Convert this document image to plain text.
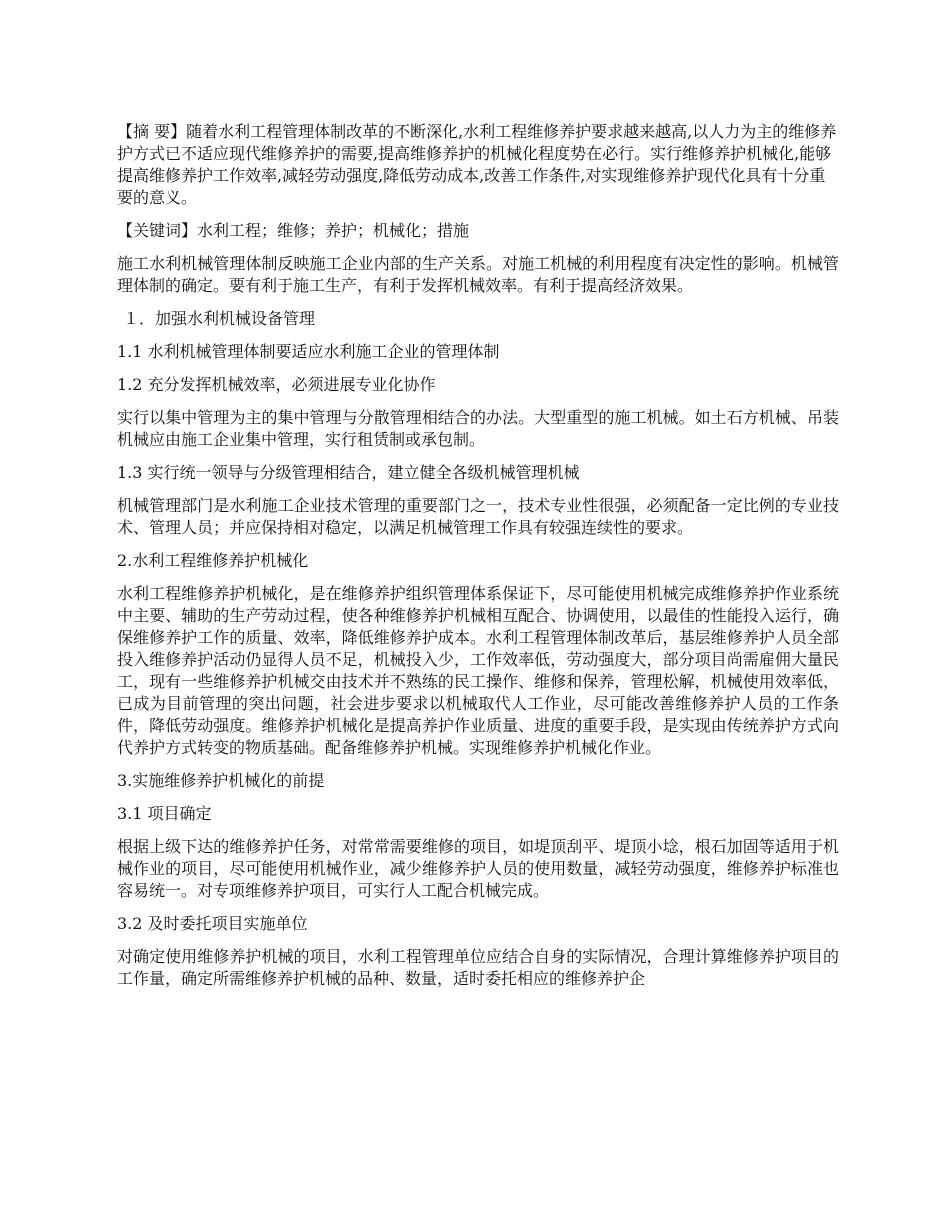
【摘 要】随着水利工程管理体制改革的不断深化,水利工程维修养护要求越来越高,以人力为主的维修养护方式已不适应现代维修养护的需要,提高维修养护的机械化程度势在必行。实行维修养护机械化,能够提高维修养护工作效率,减轻劳动强度,降低劳动成本,改善工作条件,对实现维修养护现代化具有十分重要的意义。

【关键词】水利工程；维修；养护；机械化；措施

施工水利机械管理体制反映施工企业内部的生产关系。对施工机械的利用程度有决定性的影响。机械管理体制的确定。要有利于施工生产，有利于发挥机械效率。有利于提高经济效果。

１．加强水利机械设备管理

1.1 水利机械管理体制要适应水利施工企业的管理体制

1.2 充分发挥机械效率，必须进展专业化协作

实行以集中管理为主的集中管理与分散管理相结合的办法。大型重型的施工机械。如土石方机械、吊装机械应由施工企业集中管理，实行租赁制或承包制。

1.3 实行统一领导与分级管理相结合，建立健全各级机械管理机械

机械管理部门是水利施工企业技术管理的重要部门之一，技术专业性很强，必须配备一定比例的专业技术、管理人员；并应保持相对稳定，以满足机械管理工作具有较强连续性的要求。

2.水利工程维修养护机械化

水利工程维修养护机械化，是在维修养护组织管理体系保证下，尽可能使用机械完成维修养护作业系统中主要、辅助的生产劳动过程，使各种维修养护机械相互配合、协调使用，以最佳的性能投入运行，确保维修养护工作的质量、效率，降低维修养护成本。水利工程管理体制改革后，基层维修养护人员全部投入维修养护活动仍显得人员不足，机械投入少，工作效率低，劳动强度大，部分项目尚需雇佣大量民工，现有一些维修养护机械交由技术并不熟练的民工操作、维修和保养，管理松解，机械使用效率低，已成为目前管理的突出问题，社会进步要求以机械取代人工作业，尽可能改善维修养护人员的工作条件，降低劳动强度。维修养护机械化是提高养护作业质量、进度的重要手段，是实现由传统养护方式向代养护方式转变的物质基础。配备维修养护机械。实现维修养护机械化作业。

3.实施维修养护机械化的前提

3.1 项目确定

根据上级下达的维修养护任务，对常常需要维修的项目，如堤顶刮平、堤顶小埝，根石加固等适用于机械作业的项目，尽可能使用机械作业，减少维修养护人员的使用数量，减轻劳动强度，维修养护标准也容易统一。对专项维修养护项目，可实行人工配合机械完成。

3.2 及时委托项目实施单位

对确定使用维修养护机械的项目，水利工程管理单位应结合自身的实际情况，合理计算维修养护项目的工作量，确定所需维修养护机械的品种、数量，适时委托相应的维修养护企
